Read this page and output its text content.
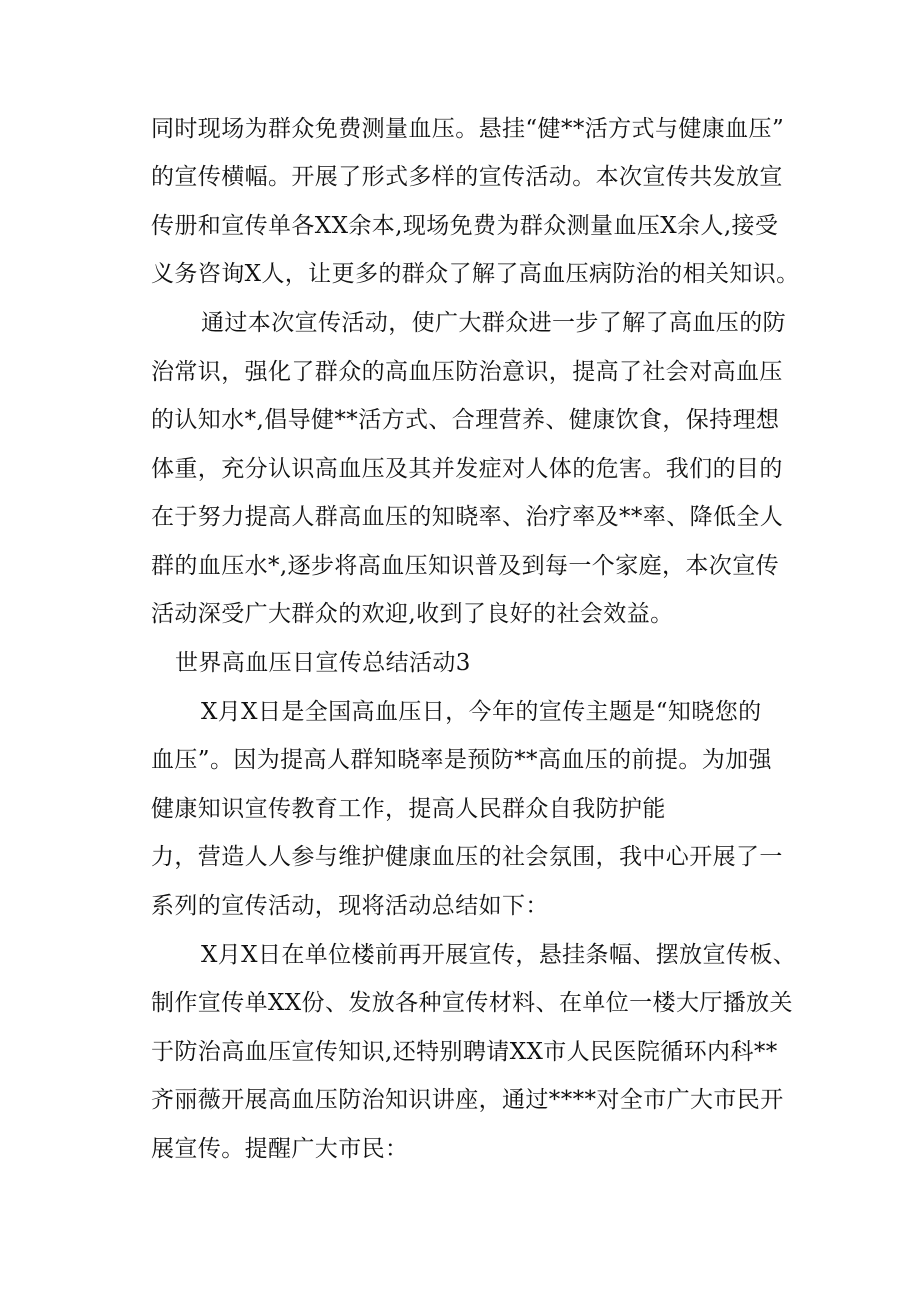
同时现场为群众免费测量血压。悬挂“健**活方式与健康血压”
的宣传横幅。开展了形式多样的宣传活动。本次宣传共发放宣
传册和宣传单各XX余本,现场免费为群众测量血压X余人,接受
义务咨询X人，让更多的群众了解了高血压病防治的相关知识。
通过本次宣传活动，使广大群众进一步了解了高血压的防
治常识，强化了群众的高血压防治意识，提高了社会对高血压
的认知水*,倡导健**活方式、合理营养、健康饮食，保持理想
体重，充分认识高血压及其并发症对人体的危害。我们的目的
在于努力提高人群高血压的知晓率、治疗率及**率、降低全人
群的血压水*,逐步将高血压知识普及到每一个家庭，本次宣传
活动深受广大群众的欢迎,收到了良好的社会效益。
世界高血压日宣传总结活动3
X月X日是全国高血压日，今年的宣传主题是“知晓您的
血压”。因为提高人群知晓率是预防**高血压的前提。为加强
健康知识宣传教育工作，提高人民群众自我防护能
力，营造人人参与维护健康血压的社会氛围，我中心开展了一
系列的宣传活动，现将活动总结如下：
X月X日在单位楼前再开展宣传，悬挂条幅、摆放宣传板、
制作宣传单XX份、发放各种宣传材料、在单位一楼大厅播放关
于防治高血压宣传知识,还特别聘请XX市人民医院循环内科**
齐丽薇开展高血压防治知识讲座，通过****对全市广大市民开
展宣传。提醒广大市民：
